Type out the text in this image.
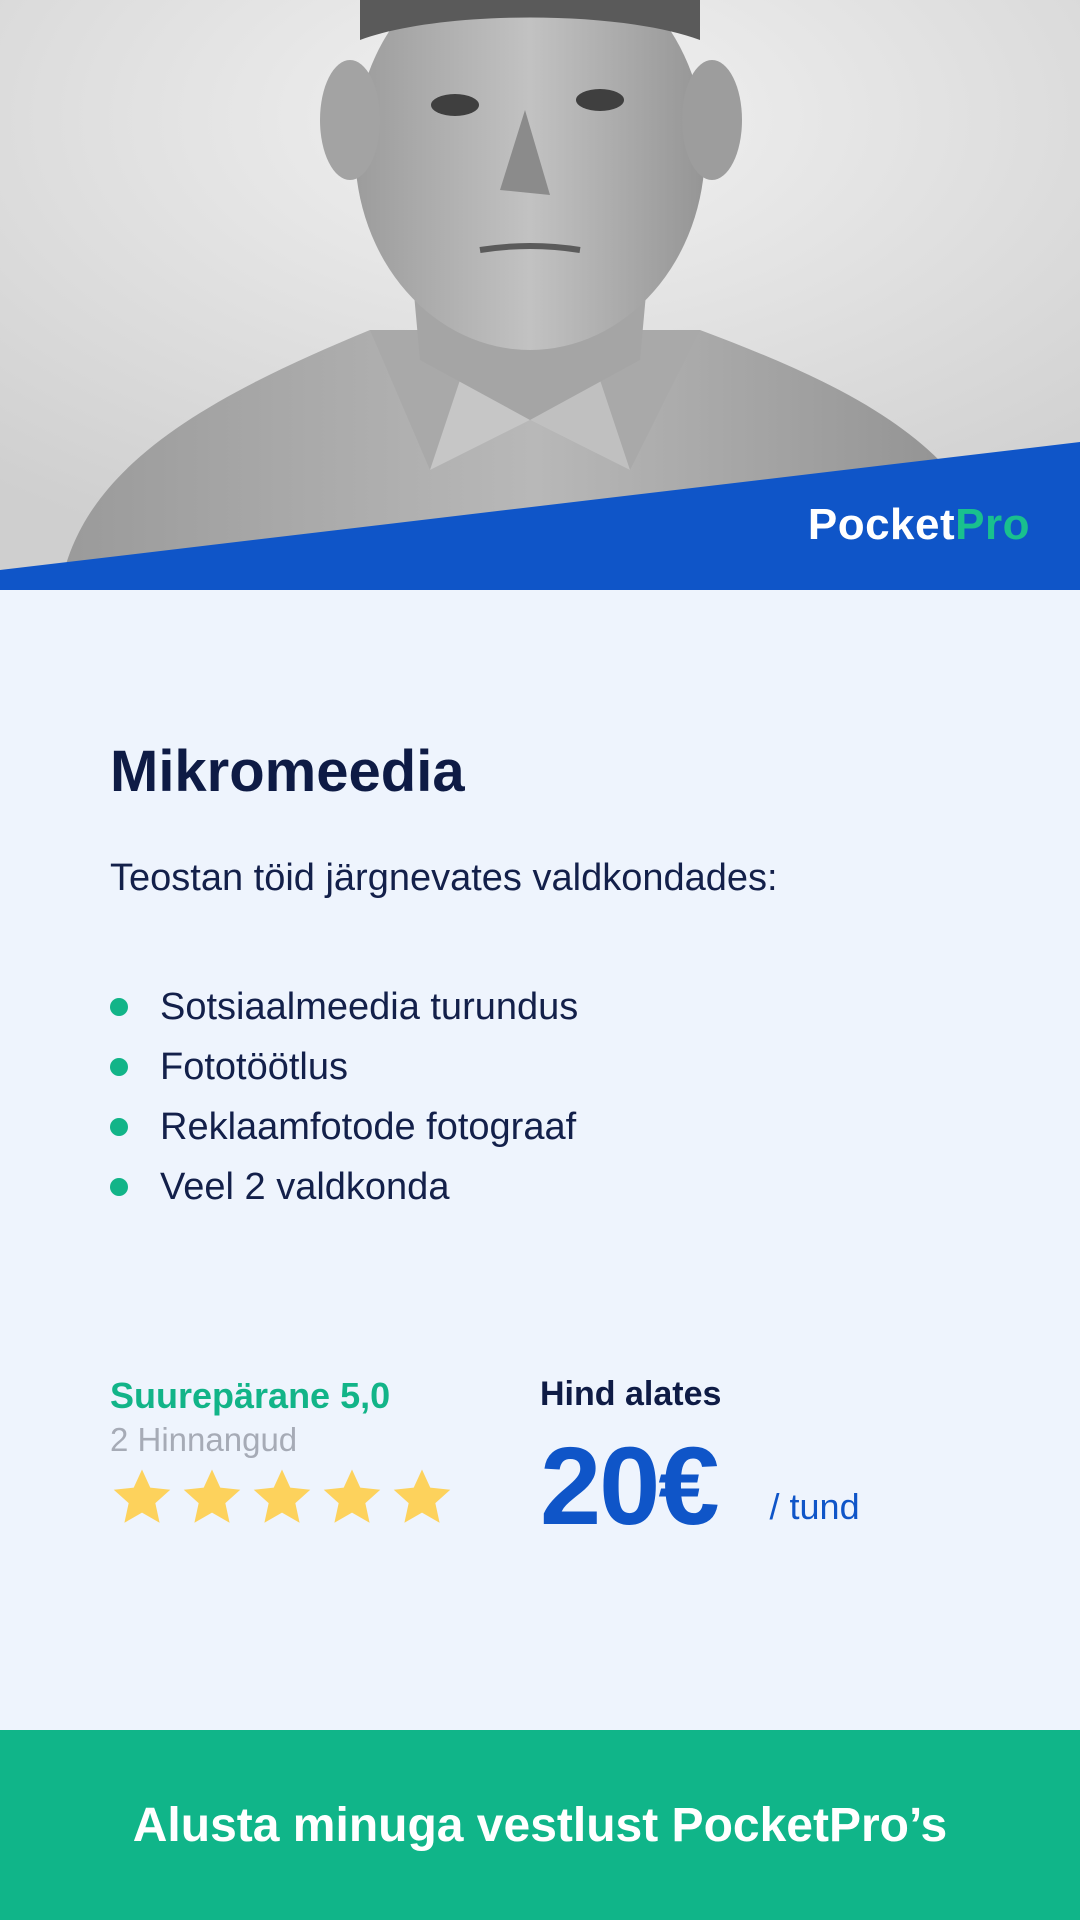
PocketPro
Mikromeedia
Teostan töid järgnevates valdkondades:
Sotsiaalmeedia turundus
Fototöötlus
Reklaamfotode fotograaf
Veel 2 valdkonda
Suurepärane 5,0
2 Hinnangud
Hind alates
20€ / tund
Alusta minuga vestlust PocketPro’s
